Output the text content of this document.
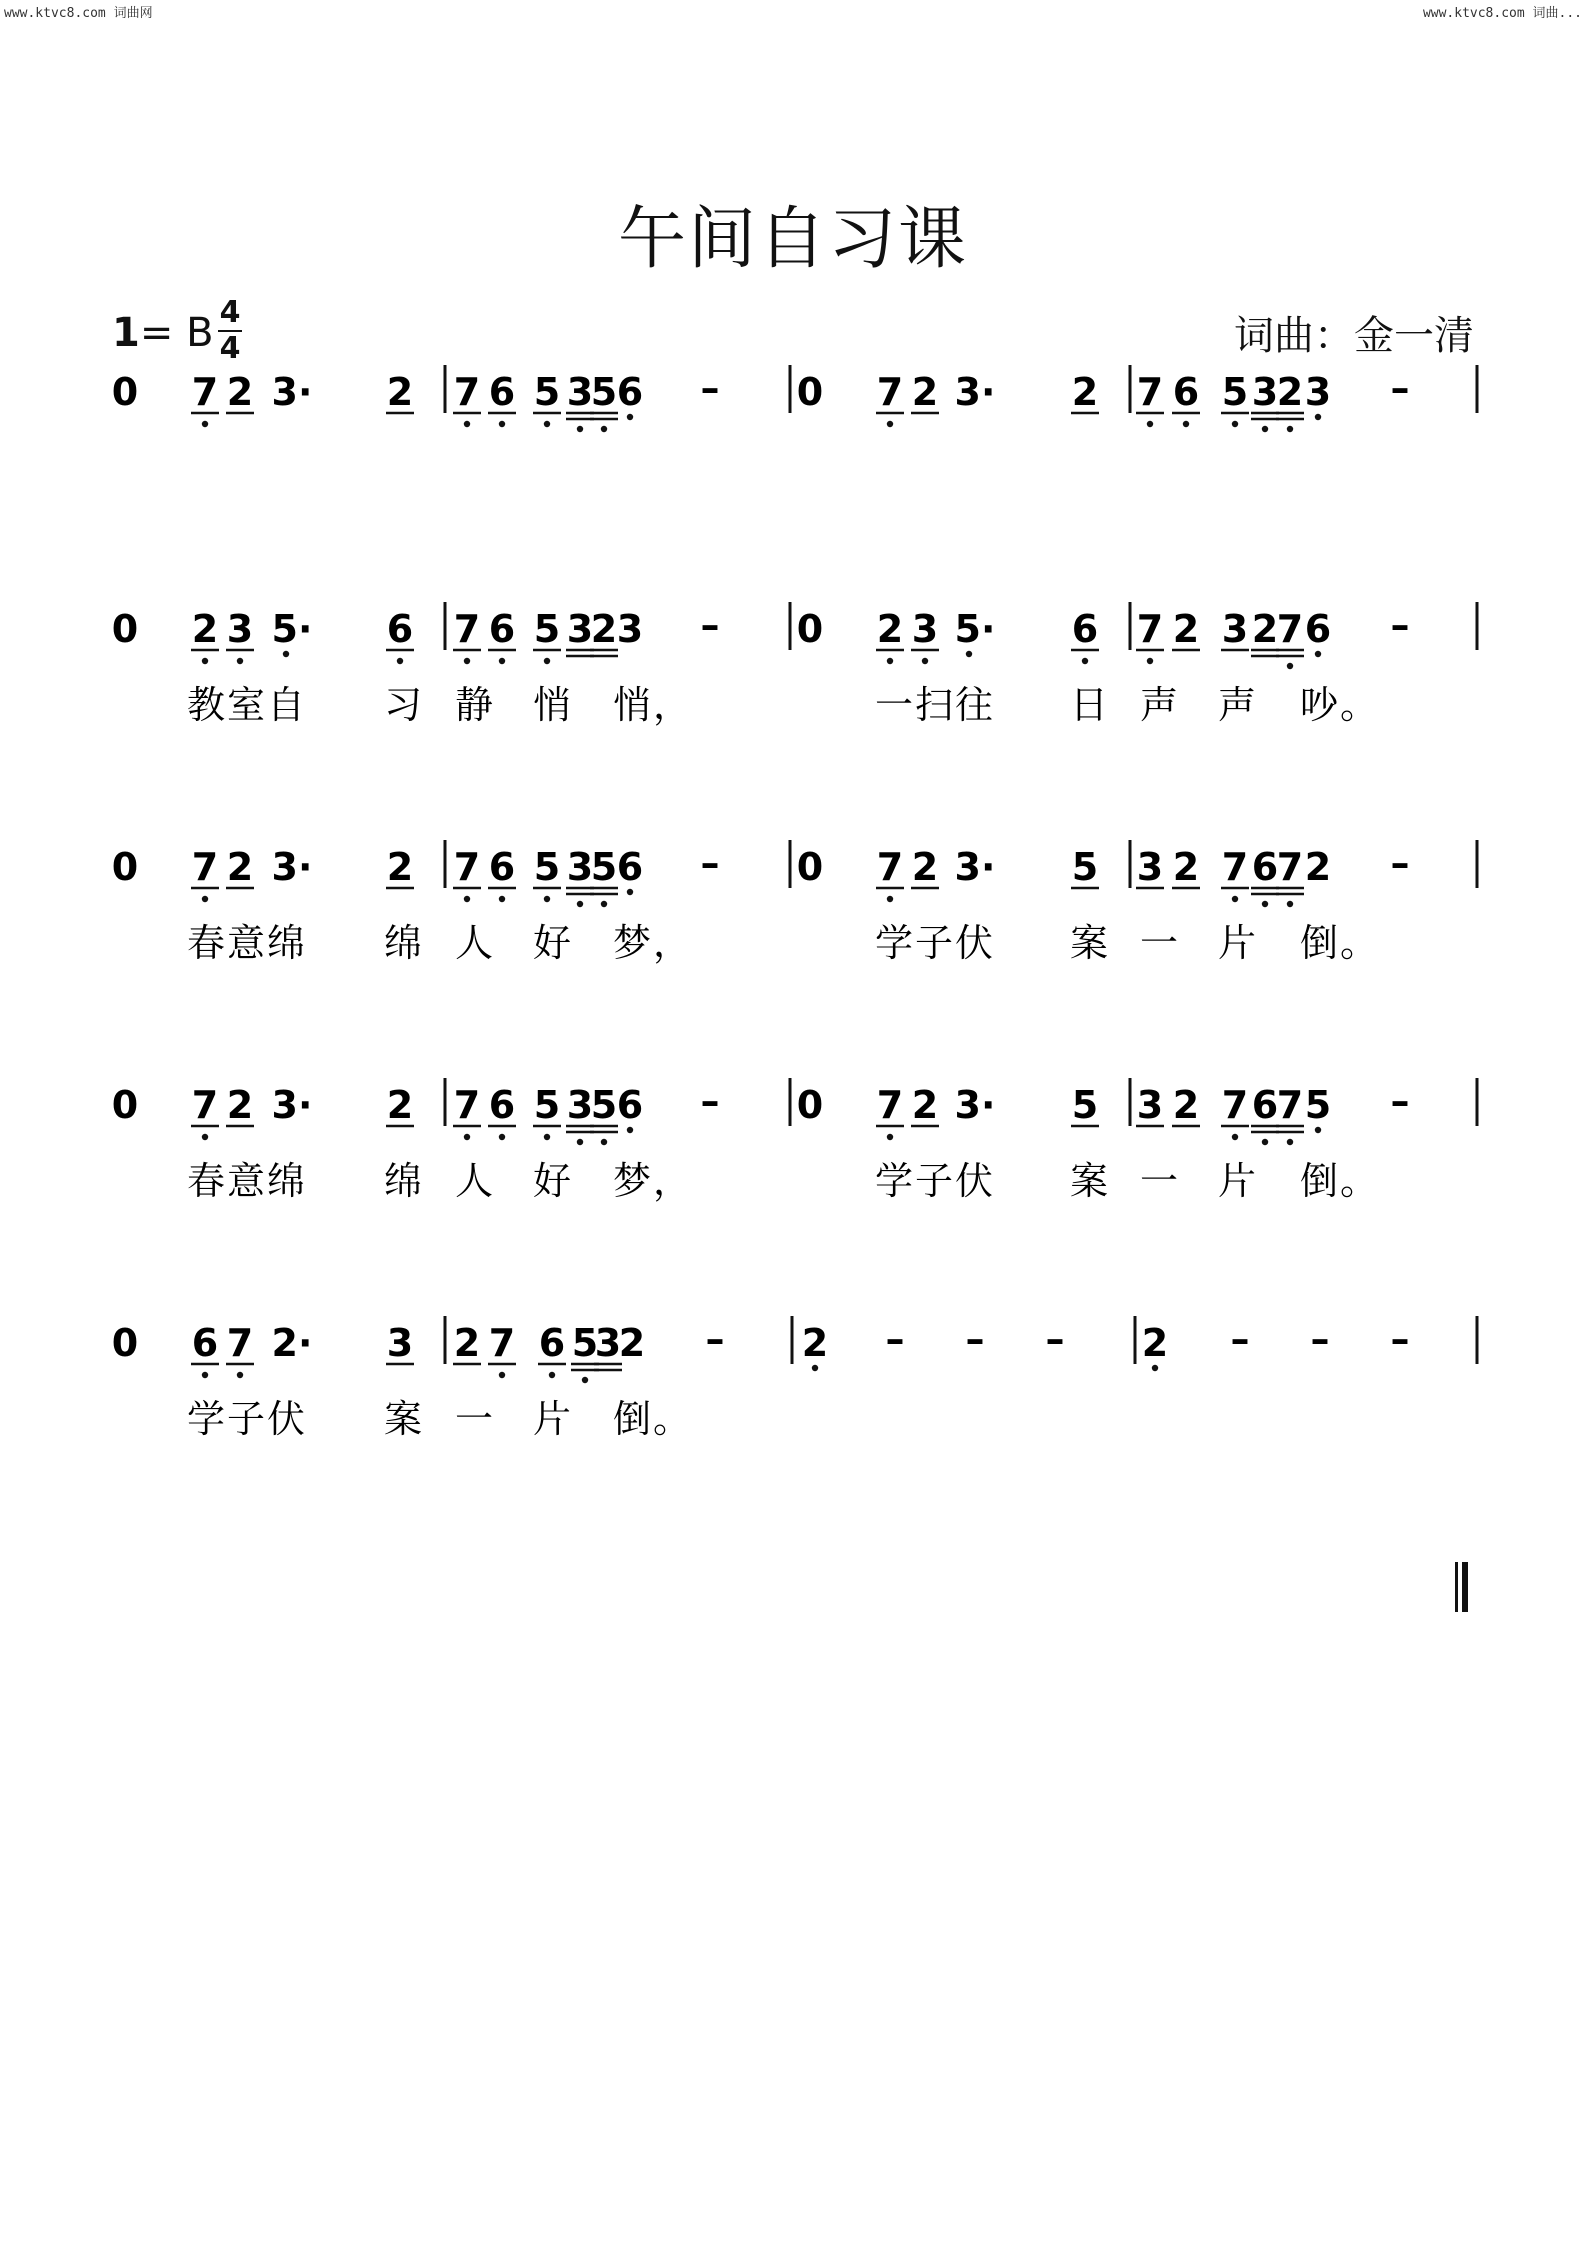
www.ktvc8.com 词曲网	www.ktvc8.com 词曲...
午间自习课
1= B 4
4	词曲：金一清
0 7 2 3· 2 7 6 5 3
5 6 – 0 7 2 3· 2 7 6 5 3
2 3 –
0 2 3 5· 6 7 6 5 3
2 3 – 0 2 3 5· 6 7 2 3 2
7 6 –
教室自 习 静 悄 悄，	一扫往 日 声 声 吵。
0 7 2 3· 2 7 6 5 3
5 6 – 0 7 2 3· 5 3 2 7 6
7 2 –
春意绵 绵 人 好 梦，	学子伏 案 一 片 倒。
0 7 2 3· 2 7 6 5 3
5 6 – 0 7 2 3· 5 3 2 7 6
7 5 –
春意绵 绵 人 好 梦，	学子伏 案 一 片 倒。
0 6 7 2· 3 2 7 6 5
3
2 – 2 – – – 2 – – –
学子伏 案 一 片 倒。
